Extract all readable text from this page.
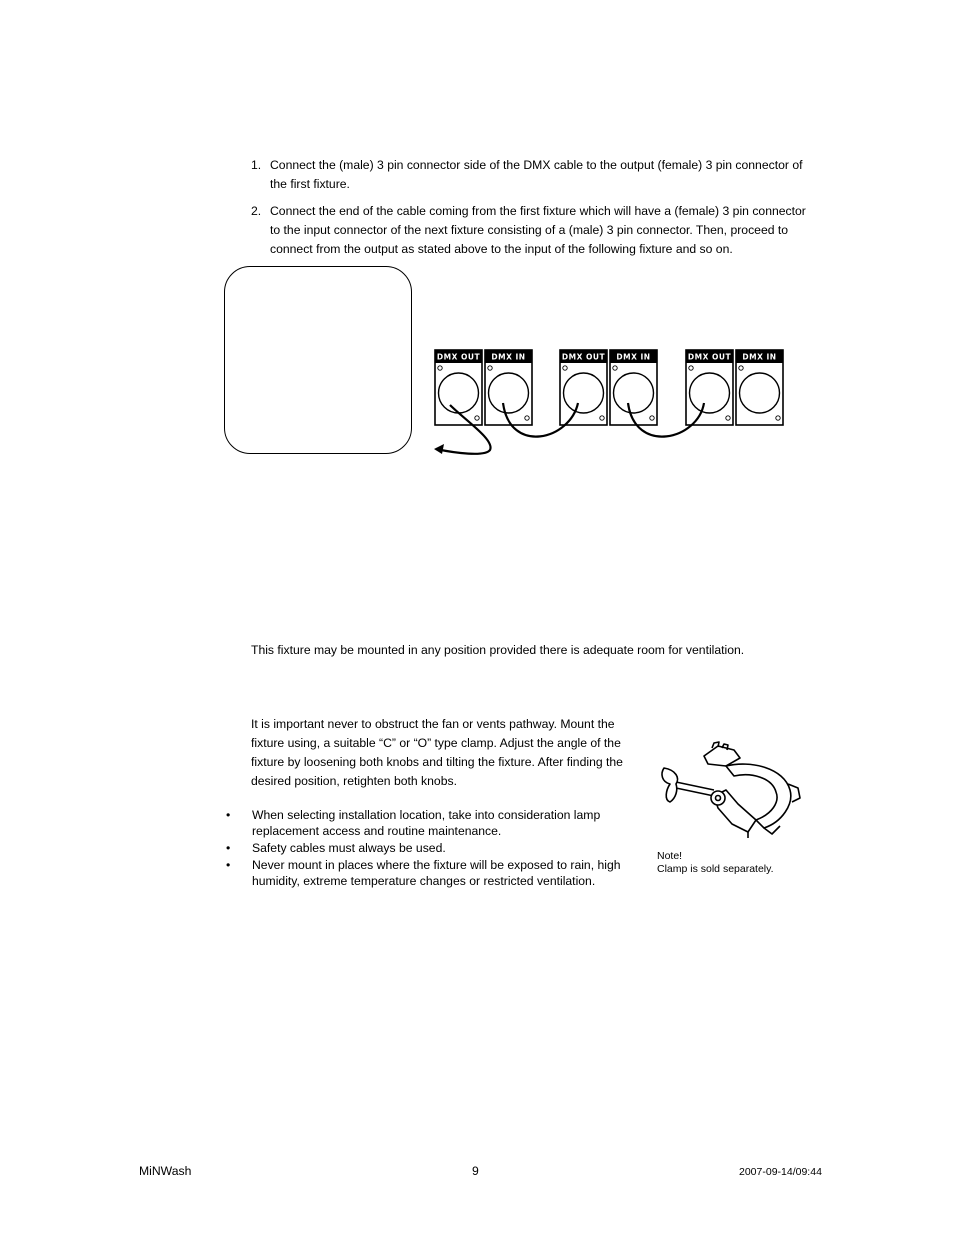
1. Connect the (male) 3 pin connector side of the DMX cable to the output (female) 3 pin connector of the first fixture.
2. Connect the end of the cable coming from the first fixture which will have a (female) 3 pin connector to the input connector of the next fixture consisting of a (male) 3 pin connector. Then, proceed to connect from the output as stated above to the input of the following fixture and so on.
DMX OUT DMX IN	DMX OUT DMX IN	DMX OUT DMX IN
This fixture may be mounted in any position provided there is adequate room for ventilation.
It is important never to obstruct the fan or vents pathway. Mount the fixture using, a suitable “C” or “O” type clamp. Adjust the angle of the fixture by loosening both knobs and tilting the fixture. After finding the desired position, retighten both knobs.
• When selecting installation location, take into consideration lamp replacement access and routine maintenance.
• Safety cables must always be used.
• Never mount in places where the fixture will be exposed to rain, high humidity, extreme temperature changes or restricted ventilation.
Note!
Clamp is sold separately.
MiNWash	9	2007-09-14/09:44
